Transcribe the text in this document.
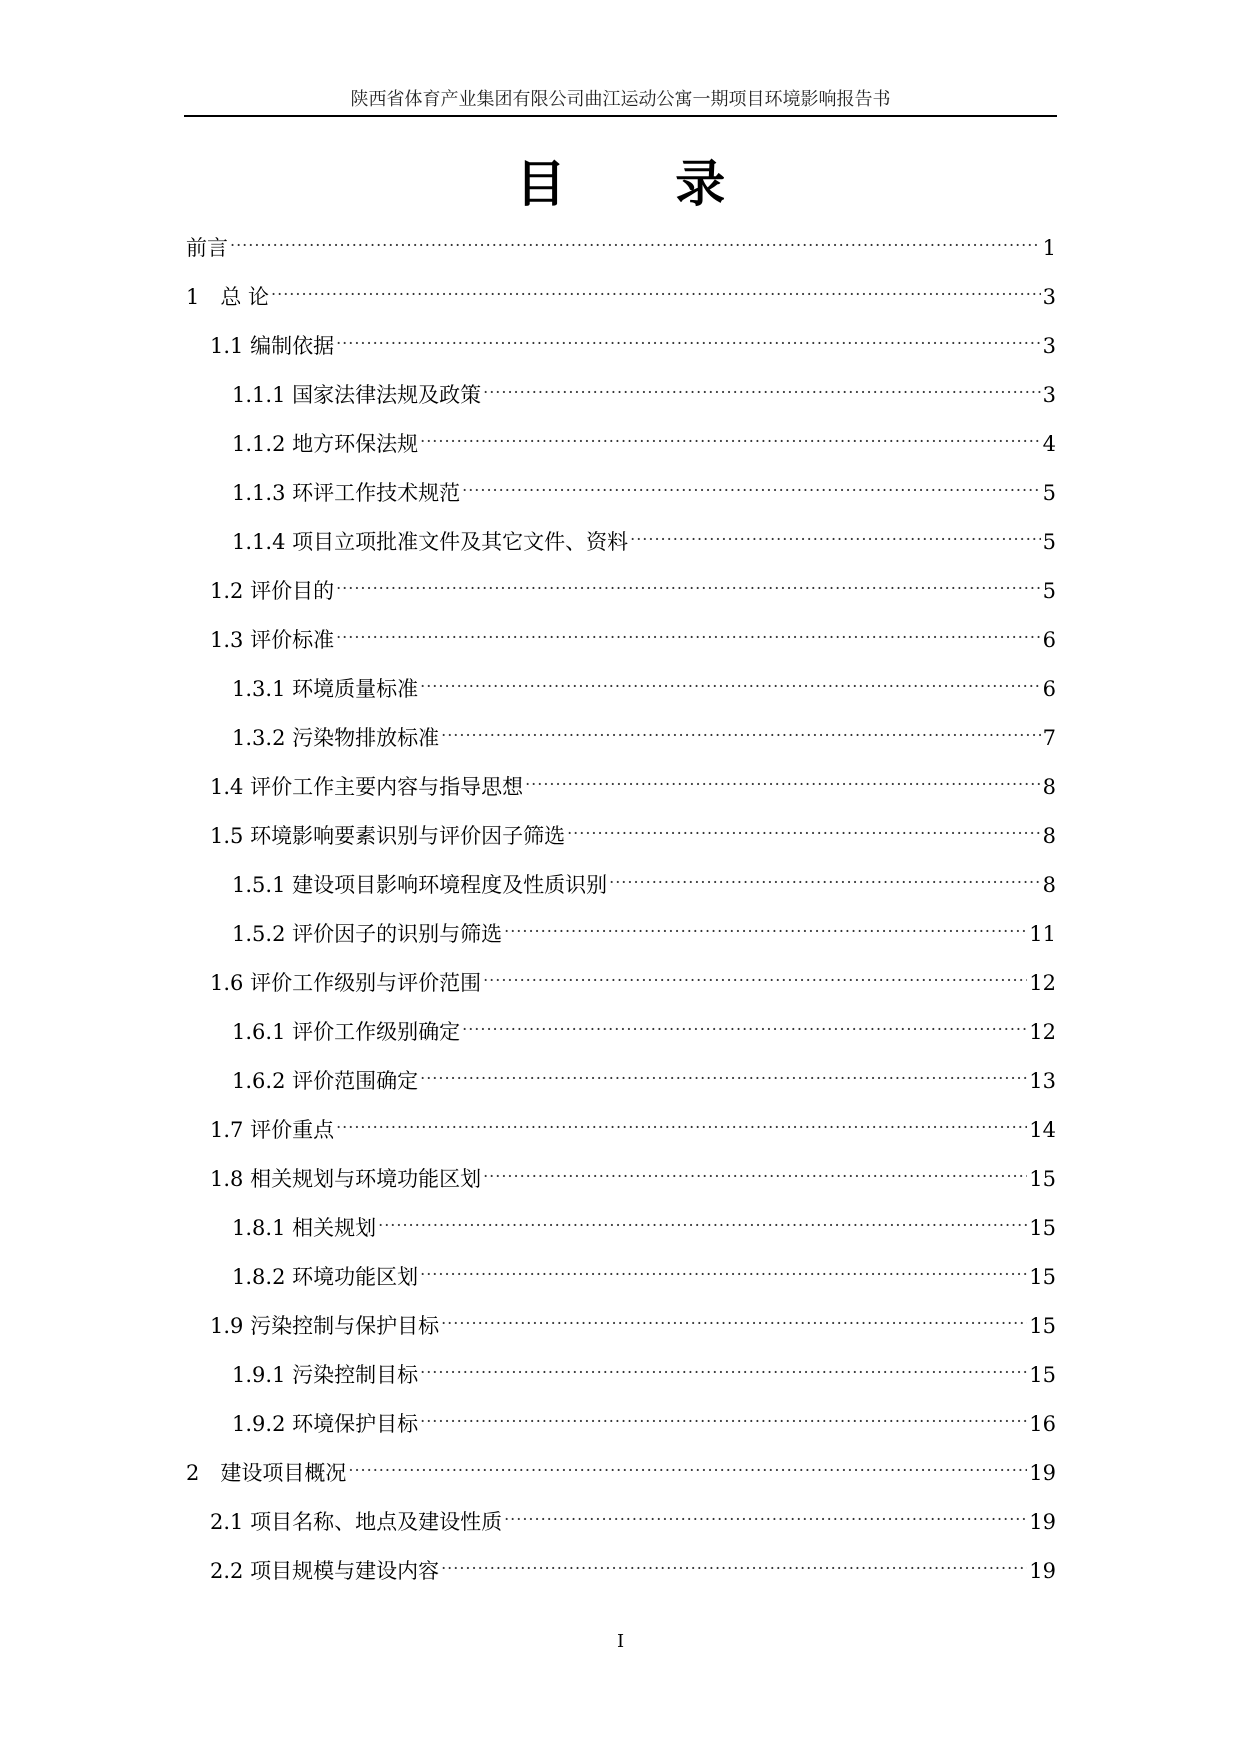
陕西省体育产业集团有限公司曲江运动公寓一期项目环境影响报告书
目 录
前言 .....	1
1　总 论 .....	3
1.1 编制依据 .....	3
1.1.1 国家法律法规及政策 .....	3
1.1.2 地方环保法规 .....	4
1.1.3 环评工作技术规范 .....	5
1.1.4 项目立项批准文件及其它文件、资料 .....	5
1.2 评价目的 .....	5
1.3 评价标准 .....	6
1.3.1 环境质量标准 .....	6
1.3.2 污染物排放标准 .....	7
1.4 评价工作主要内容与指导思想 .....	8
1.5 环境影响要素识别与评价因子筛选 .....	8
1.5.1 建设项目影响环境程度及性质识别 .....	8
1.5.2 评价因子的识别与筛选 .....	11
1.6 评价工作级别与评价范围 .....	12
1.6.1 评价工作级别确定 .....	12
1.6.2 评价范围确定 .....	13
1.7 评价重点 .....	14
1.8 相关规划与环境功能区划 .....	15
1.8.1 相关规划 .....	15
1.8.2 环境功能区划 .....	15
1.9 污染控制与保护目标 .....	15
1.9.1 污染控制目标 .....	15
1.9.2 环境保护目标 .....	16
2　建设项目概况 .....	19
2.1 项目名称、地点及建设性质 .....	19
2.2 项目规模与建设内容 .....	19
I
